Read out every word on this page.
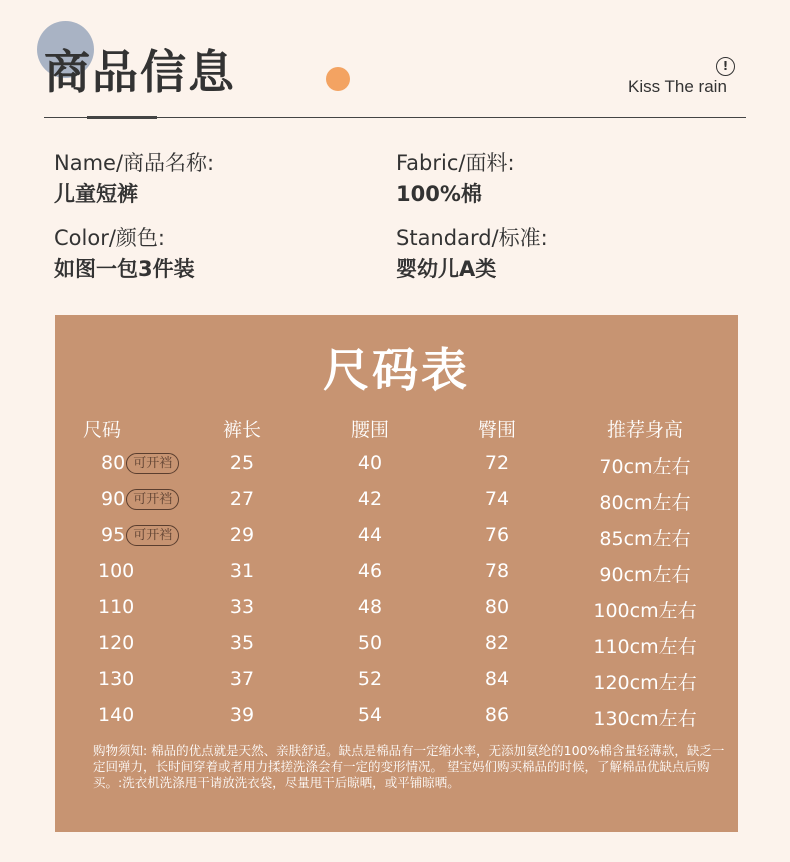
商品信息	!
Kiss The rain
Name/商品名称:
儿童短裤
Fabric/面料:
100%棉
Color/颜色:
如图一包3件装
Standard/标准:
婴幼儿A类
尺码表
尺码	裤长	腰围	臀围	推荐身高
购物须知: 棉品的优点就是天然、亲肤舒适。缺点是棉品有一定缩水率，无添加氨纶的100%棉含量轻薄款，缺乏一定回弹力，长时间穿着或者用力揉搓洗涤会有一定的变形情况。 望宝妈们购买棉品的时候，了解棉品优缺点后购买。:洗衣机洗涤甩干请放洗衣袋，尽量甩干后晾晒，或平铺晾晒。
80 可开裆	25	40	72	70cm左右
90 可开裆	27	42	74	80cm左右
95 可开裆	29	44	76	85cm左右
100	31	46	78	90cm左右
110	33	48	80	100cm左右
120	35	50	82	110cm左右
130	37	52	84	120cm左右
140	39	54	86	130cm左右
